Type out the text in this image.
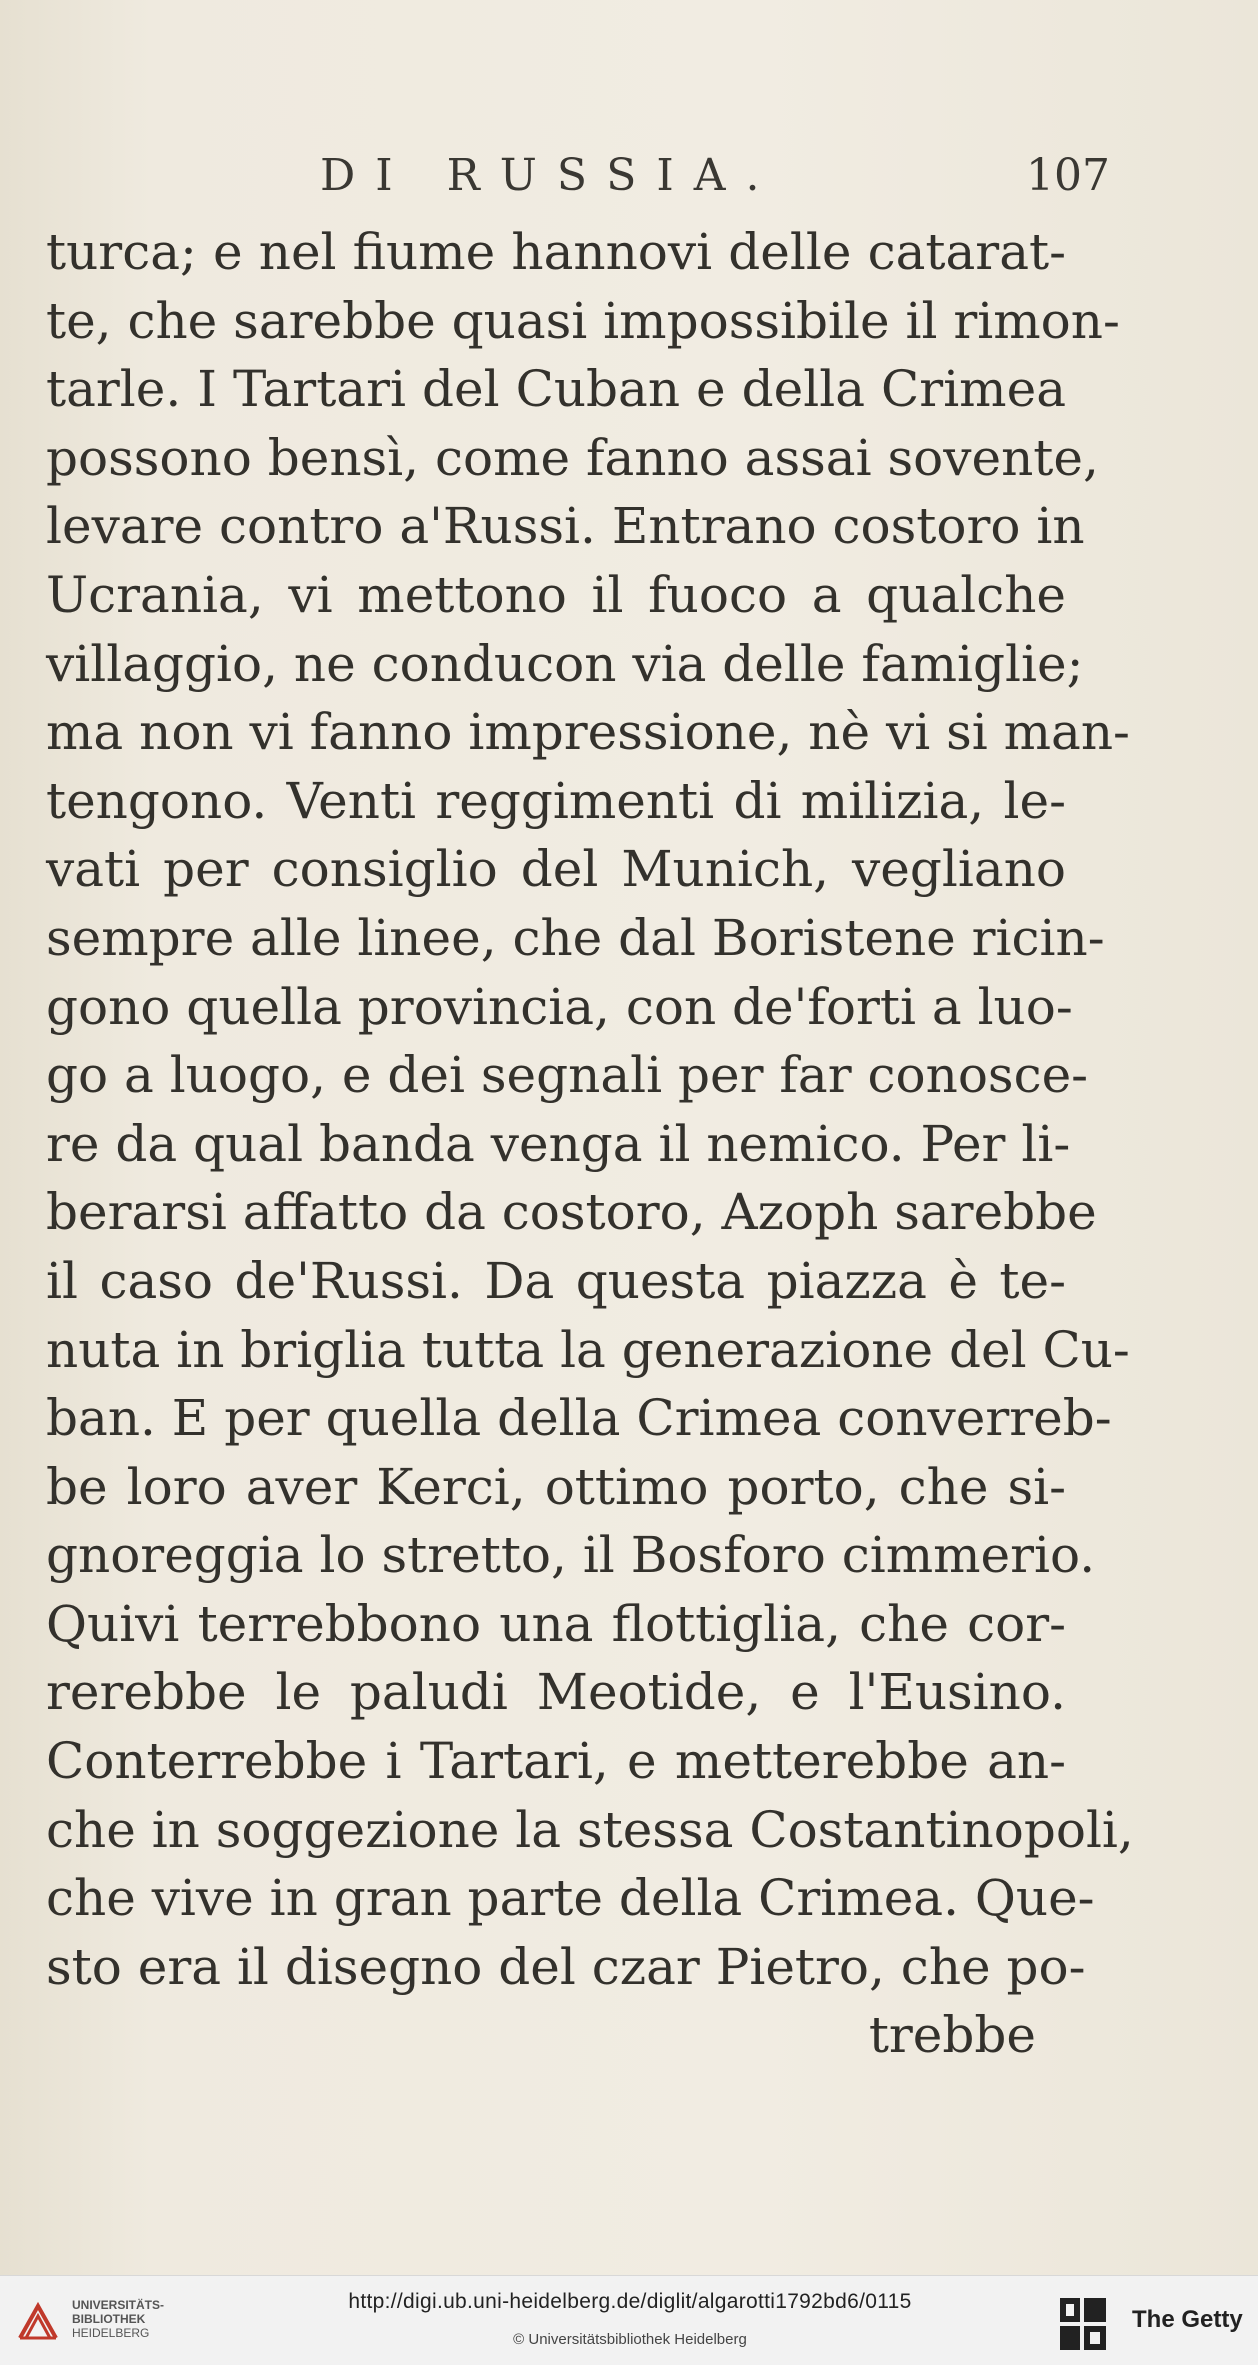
DI RUSSIA.	107
turca; e nel fiume hannovi delle catarat-
te, che sarebbe quasi impossibile il rimon-
tarle. I Tartari del Cuban e della Crimea
possono bensì, come fanno assai sovente,
levare contro a'Russi. Entrano costoro in
Ucrania, vi mettono il fuoco a qualche
villaggio, ne conducon via delle famiglie;
ma non vi fanno impressione, nè vi si man-
tengono. Venti reggimenti di milizia, le-
vati per consiglio del Munich, vegliano
sempre alle linee, che dal Boristene ricin-
gono quella provincia, con de'forti a luo-
go a luogo, e dei segnali per far conosce-
re da qual banda venga il nemico. Per li-
berarsi affatto da costoro, Azoph sarebbe
il caso de'Russi. Da questa piazza è te-
nuta in briglia tutta la generazione del Cu-
ban. E per quella della Crimea converreb-
be loro aver Kerci, ottimo porto, che si-
gnoreggia lo stretto, il Bosforo cimmerio.
Quivi terrebbono una flottiglia, che cor-
rerebbe le paludi Meotide, e l'Eusino.
Conterrebbe i Tartari, e metterebbe an-
che in soggezione la stessa Costantinopoli,
che vive in gran parte della Crimea. Que-
sto era il disegno del czar Pietro, che po-
trebbe
UNIVERSITÄTS-
BIBLIOTHEK
HEIDELBERG
http://digi.ub.uni-heidelberg.de/diglit/algarotti1792bd6/0115
© Universitätsbibliothek Heidelberg
The Getty
